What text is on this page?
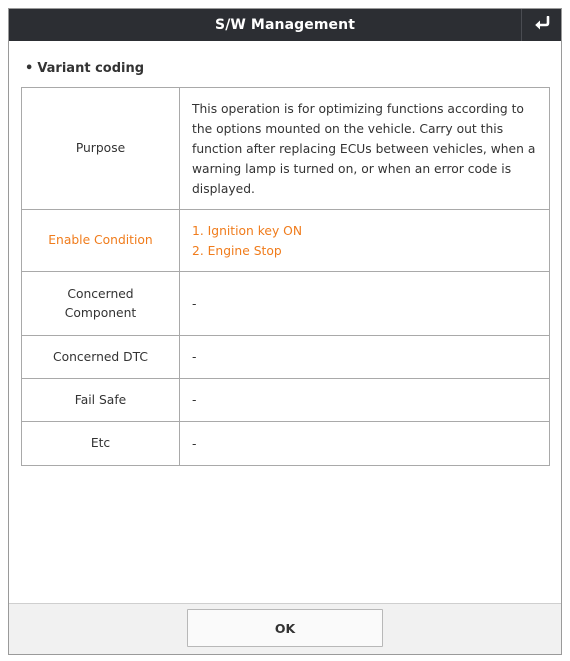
S/W Management
• Variant coding
Purpose	This operation is for optimizing functions according to the options mounted on the vehicle. Carry out this function after replacing ECUs between vehicles, when a warning lamp is turned on, or when an error code is displayed.

Enable Condition	1. Ignition key ON
2. Engine Stop

Concerned
Component	-
Concerned DTC	-
Fail Safe	-
Etc	-
OK
